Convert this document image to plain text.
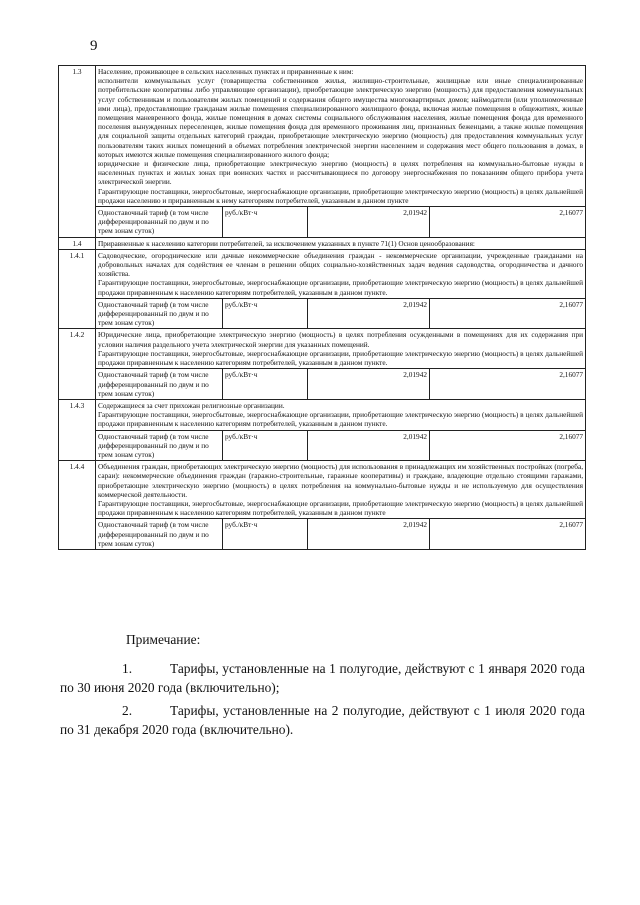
9
1.3	Население, проживающее в сельских населенных пунктах и приравненные к ним:
исполнители коммунальных услуг (товарищества собственников жилья, жилищно-строительные, жилищные или иные специализированные потребительские кооперативы либо управляющие организации), приобретающие электрическую энергию (мощность) для предоставления коммунальных услуг собственникам и пользователям жилых помещений и содержания общего имущества многоквартирных домов; наймодатели (или уполномоченные ими лица), предоставляющие гражданам жилые помещения специализированного жилищного фонда, включая жилые помещения в общежитиях, жилые помещения маневренного фонда, жилые помещения в домах системы социального обслуживания населения, жилые помещения фонда для временного поселения вынужденных переселенцев, жилые помещения фонда для временного проживания лиц, признанных беженцами, а также жилые помещения для социальной защиты отдельных категорий граждан, приобретающие электрическую энергию (мощность) для предоставления коммунальных услуг пользователям таких жилых помещений в объемах потребления электрической энергии населением и содержания мест общего пользования в домах, в которых имеются жилые помещения специализированного жилого фонда;
юридические и физические лица, приобретающие электрическую энергию (мощность) в целях потребления на коммунально-бытовые нужды в населенных пунктах и жилых зонах при воинских частях и рассчитывающиеся по договору энергоснабжения по показаниям общего прибора учета электрической энергии.
Гарантирующие поставщики, энергосбытовые, энергоснабжающие организации, приобретающие электрическую энергию (мощность) в целях дальнейшей продажи населению и приравненным к нему категориям потребителей, указанным в данном пункте			

	Одноставочный тариф (в том числе дифференцированный по двум и по трем зонам суток)	руб./кВт·ч	2,01942	2,16077
1.4	Приравненные к населению категории потребителей, за исключением указанных в пункте 71(1) Основ ценообразования:			
1.4.1	Садоводческие, огороднические или дачные некоммерческие объединения граждан - некоммерческие организации, учрежденные гражданами на добровольных началах для содействия ее членам в решении общих социально-хозяйственных задач ведения садоводства, огородничества и дачного хозяйства.
Гарантирующие поставщики, энергосбытовые, энергоснабжающие организации, приобретающие электрическую энергию (мощность) в целях дальнейшей продажи приравненным к населению категориям потребителей, указанным в данном пункте.			

	Одноставочный тариф (в том числе дифференцированный по двум и по трем зонам суток)	руб./кВт·ч	2,01942	2,16077
1.4.2	Юридические лица, приобретающие электрическую энергию (мощность) в целях потребления осужденными в помещениях для их содержания при условии наличия раздельного учета электрической энергии для указанных помещений.
Гарантирующие поставщики, энергосбытовые, энергоснабжающие организации, приобретающие электрическую энергию (мощность) в целях дальнейшей продажи приравненным к населению категориям потребителей, указанным в данном пункте.			

	Одноставочный тариф (в том числе дифференцированный по двум и по трем зонам суток)	руб./кВт·ч	2,01942	2,16077
1.4.3	Содержащиеся за счет прихожан религиозные организации.
Гарантирующие поставщики, энергосбытовые, энергоснабжающие организации, приобретающие электрическую энергию (мощность) в целях дальнейшей продажи приравненным к населению категориям потребителей, указанным в данном пункте.			

	Одноставочный тариф (в том числе дифференцированный по двум и по трем зонам суток)	руб./кВт·ч	2,01942	2,16077
1.4.4	Объединения граждан, приобретающих электрическую энергию (мощность) для использования в принадлежащих им хозяйственных постройках (погреба, сараи): некоммерческие объединения граждан (гаражно-строительные, гаражные кооперативы) и граждане, владеющие отдельно стоящими гаражами, приобретающие электрическую энергию (мощность) в целях потребления на коммунально-бытовые нужды и не используемую для осуществления коммерческой деятельности.
Гарантирующие поставщики, энергосбытовые, энергоснабжающие организации, приобретающие электрическую энергию (мощность) в целях дальнейшей продажи приравненным к населению категориям потребителей, указанным в данном пункте			

	Одноставочный тариф (в том числе дифференцированный по двум и по трем зонам суток)	руб./кВт·ч	2,01942	2,16077
Примечание:
1.	Тарифы, установленные на 1 полугодие, действуют с 1 января 2020 года по 30 июня 2020 года (включительно);
2.	Тарифы, установленные на 2 полугодие, действуют с 1 июля 2020 года по 31 декабря 2020 года (включительно).
